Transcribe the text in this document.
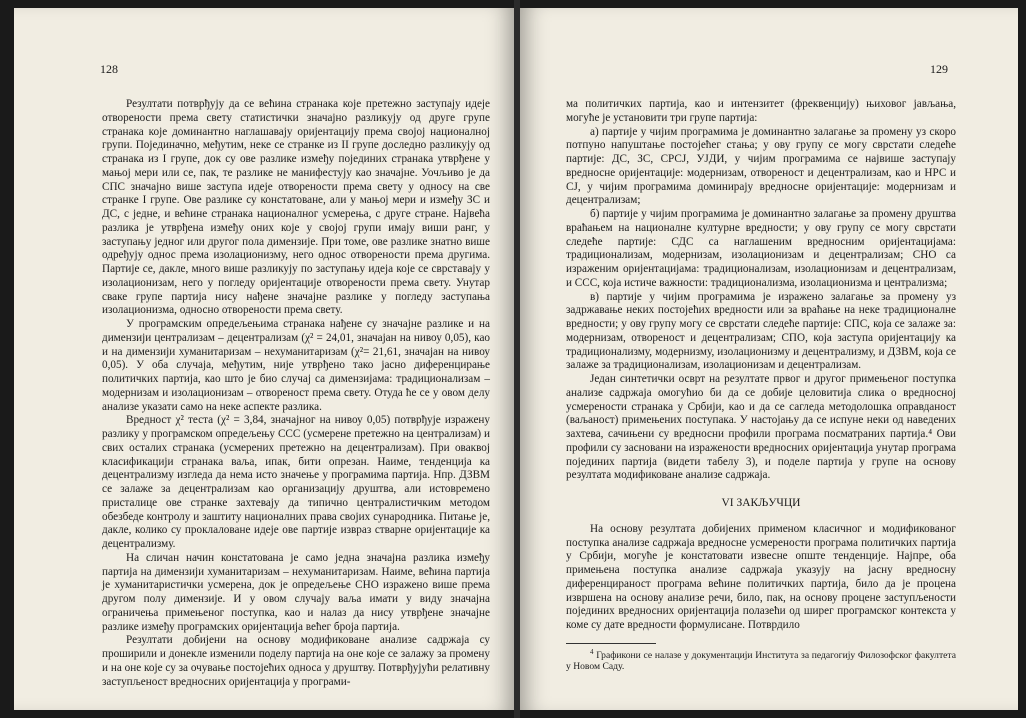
128

Резултати потврђују да се већина странака које претежно заступају идеје отворености према свету статистички значајно разликују од друге групе странака које доминантно наглашавају оријентацију према својој националној групи. Појединачно, међутим, неке се странке из II групе доследно разликују од странака из I групе, док су ове разлике између појединих странака утврђене у мањој мери или се, пак, те разлике не манифестују као значајне. Уочљиво је да СПС значајно више заступа идеје отворености према свету у односу на све странке I групе. Ове разлике су констатоване, али у мањој мери и између ЗС и ДС, с једне, и већине странака националног усмерења, с друге стране. Највећа разлика је утврђена између оних које у својој групи имају виши ранг, у заступању једног или другог пола димензије. При томе, ове разлике знатно више одређују однос према изолационизму, него однос отворености према другима. Партије се, дакле, много више разликују по заступању идеја које се сврставају у изолационизам, него у погледу оријентације отворености према свету. Унутар сваке групе партија нису нађене значајне разлике у погледу заступања изолационизма, односно отворености према свету.

У програмским опредељењима странака нађене су значајне разлике и на димензији централизам – децентрализам (χ² = 24,01, значајан на нивоу 0,05), као и на димензији хуманитаризам – нехуманитаризам (χ²= 21,61, значајан на нивоу 0,05). У оба случаја, међутим, није утврђено тако јасно диференцирање политичких партија, као што је био случај са димензијама: традиционализам – модернизам и изолационизам – отвореност према свету. Отуда ће се у овом делу анализе указати само на неке аспекте разлика.

Вредност χ² теста (χ² = 3,84, значајног на нивоу 0,05) потврђује изражену разлику у програмском опредељењу ССС (усмерене претежно на централизам) и свих осталих странака (усмерених претежно на децентрализам). При оваквој класификацији странака ваља, ипак, бити опрезан. Наиме, тенденција ка децентрализму изгледа да нема исто значење у програмима партија. Нпр. ДЗВМ се залаже за децентрализам као организацију друштва, али истовремено присталице ове странке захтевају да типично централистичким методом обезбеде контролу и заштиту националних права својих сународника. Питање је, дакле, колико су проклаловане идеје ове партије извраз стварне оријентације ка децентрализму.

На сличан начин констатована је само једна значајна разлика између партија на димензији хуманитаризам – нехуманитаризам. Наиме, већина партија је хуманитаристички усмерена, док је опредељење СНО изражено више према другом полу димензије. И у овом случају ваља имати у виду значајна ограничења примењеног поступка, као и налаз да нису утврђене значајне разлике између програмских оријентација већег броја партија.

Резултати добијени на основу модификоване анализе садржаја су проширили и донекле изменили поделу партија на оне које се залажу за промену и на оне које су за очување постојећих односа у друштву. Потврђујући релативну заступљеност вредносних оријентација у програми-

129

ма политичких партија, као и интензитет (фреквенцију) њиховог јављања, могуће је установити три групе партија:

а) партије у чијим програмима је доминантно залагање за промену уз скоро потпуно напуштање постојећег стања; у ову групу се могу сврстати следеће партије: ДС, ЗС, СРСЈ, УЈДИ, у чијим програмима се највише заступају вредносне оријентације: модернизам, отвореност и децентрализам, као и НРС и СЈ, у чијим програмима доминирају вредносне оријентације: модернизам и децентрализам;

б) партије у чијим програмима је доминантно залагање за промену друштва враћањем на националне културне вредности; у ову групу се могу сврстати следеће партије: СДС са наглашеним вредносним оријентацијама: традиционализам, модернизам, изолационизам и децентрализам; СНО са израженим оријентацијама: традиционализам, изолационизам и децентрализам, и ССС, која истиче важности: традиционализма, изолационизма и централизма;

в) партије у чијим програмима је изражено залагање за промену уз задржавање неких постојећих вредности или за враћање на неке традиционалне вредности; у ову групу могу се сврстати следеће партије: СПС, која се залаже за: модернизам, отвореност и децентрализам; СПО, која заступа оријентацију ка традиционализму, модернизму, изолационизму и децентрализму, и ДЗВМ, која се залаже за традиционализам, изолационизам и децентрализам.

Један синтетички осврт на резултате првог и другог примењеног поступка анализе садржаја омогућио би да се добије целовитија слика о вредносној усмерености странака у Србији, као и да се сагледа методолошка оправданост (ваљаност) примењених поступака. У настојању да се испуне неки од наведених захтева, сачињени су вредносни профили програма посматраних партија.⁴ Ови профили су засновани на изражености вредносних оријентација унутар програма појединих партија (видети табелу 3), и поделе партија у групе на основу резултата модификоване анализе садржаја.

VI ЗАКЉУЧЦИ

На основу резултата добијених применом класичног и модификованог поступка анализе садржаја вредносне усмерености програма политичких партија у Србији, могуће је констатовати извесне опште тенденције. Најпре, оба примењена поступка анализе садржаја указују на јасну вредносну диференцираност програма већине политичких партија, било да је процена извршена на основу анализе речи, било, пак, на основу процене заступљености појединих вредносних оријентација полазећи од ширег програмског контекста у коме су дате вредности формулисане. Потврдило

$^4$ Графикони се налазе у документацији Института за педагогију Филозофског факултета у Новом Саду.
